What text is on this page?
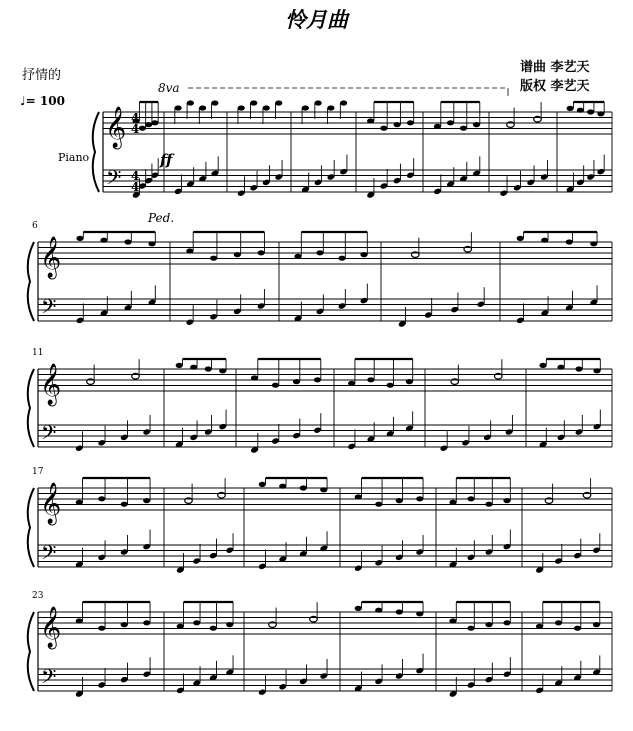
怜月曲
抒情的
♩= 100
谱曲 李艺天
版权 李艺天
Piano
𝄞
𝄢
𝄞
𝄢
𝄞
𝄢
𝄞
𝄢
𝄞
𝄢
4
4
4
4
8va
ff
Ped.
6
11
17
23
